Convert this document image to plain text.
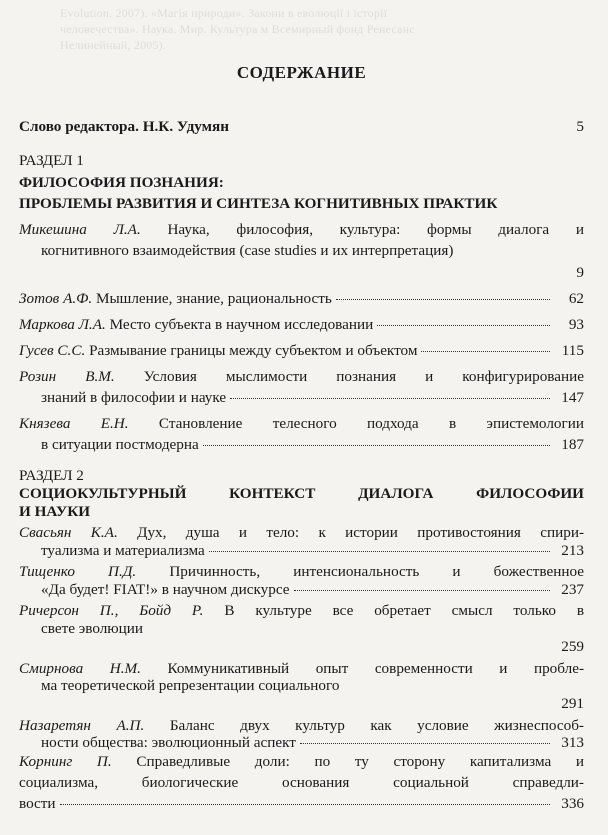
Evolution. 2007). «Магія природи». Закони в еволюції і історії
человечества». Наука. Мир. Культура м Всемирный фонд Ренесанс
Нелинейный, 2005).
СОДЕРЖАНИЕ
Слово редактора. Н.К. Удумян	5
РАЗДЕЛ 1
ФИЛОСОФИЯ ПОЗНАНИЯ:
ПРОБЛЕМЫ РАЗВИТИЯ И СИНТЕЗА КОГНИТИВНЫХ ПРАКТИК
Микешина Л.А. Наука, философия, культура: формы диалога и
когнитивного взаимодействия (case studies и их интерпретация)
9
Зотов А.Ф. Мышление, знание, рациональность	62
Маркова Л.А. Место субъекта в научном исследовании	93
Гусев С.С. Размывание границы между субъектом и объектом	115
Розин В.М. Условия мыслимости познания и конфигурирование
знаний в философии и науке	147
Князева Е.Н. Становление телесного подхода в эпистемологии
в ситуации постмодерна	187
РАЗДЕЛ 2
СОЦИОКУЛЬТУРНЫЙ КОНТЕКСТ ДИАЛОГА ФИЛОСОФИИ
И НАУКИ
Свасьян К.А. Дух, душа и тело: к истории противостояния спири-
туализма и материализма	213
Тищенко П.Д. Причинность, интенсиональность и божественное
«Да будет! FIAT!» в научном дискурсе	237
Ричерсон П., Бойд Р. В культуре все обретает смысл только в
свете эволюции
259
Смирнова Н.М. Коммуникативный опыт современности и пробле-
ма теоретической репрезентации социального
291
Назаретян А.П. Баланс двух культур как условие жизнеспособ-
ности общества: эволюционный аспект	313
Корнинг П. Справедливые доли: по ту сторону капитализма и
социализма, биологические основания социальной справедли-
вости	336
